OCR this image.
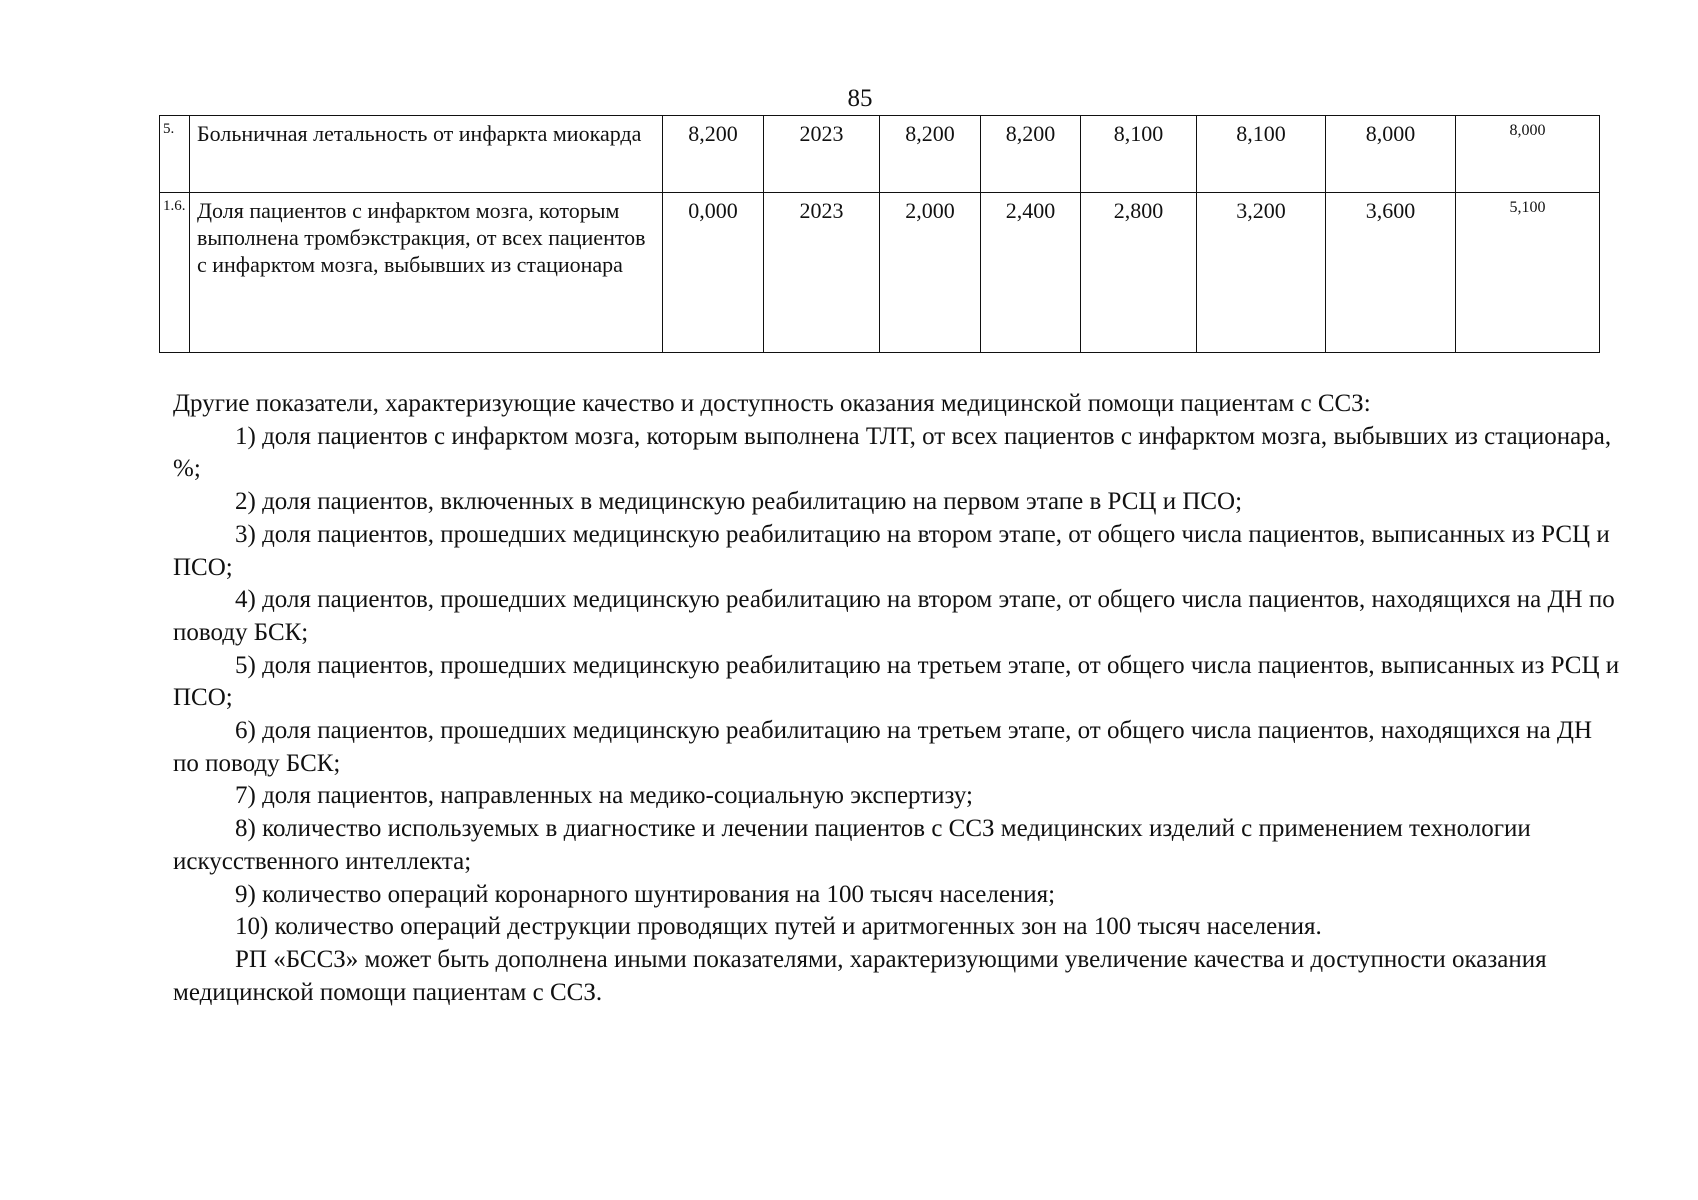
85
5.	Больничная летальность от инфаркта миокарда	8,200	2023	8,200	8,200	8,100	8,100	8,000	8,000
1.6.	Доля пациентов с инфарктом мозга, которым выполнена тромбэкстракция, от всех пациентов с инфарктом мозга, выбывших из стационара	0,000	2023	2,000	2,400	2,800	3,200	3,600	5,100

Другие показатели, характеризующие качество и доступность оказания медицинской помощи пациентам с ССЗ:

1) доля пациентов с инфарктом мозга, которым выполнена ТЛТ, от всех пациентов с инфарктом мозга, выбывших из стационара, %;

2) доля пациентов, включенных в медицинскую реабилитацию на первом этапе в РСЦ и ПСО;

3) доля пациентов, прошедших медицинскую реабилитацию на втором этапе, от общего числа пациентов, выписанных из РСЦ и ПСО;

4) доля пациентов, прошедших медицинскую реабилитацию на втором этапе, от общего числа пациентов, находящихся на ДН по поводу БСК;

5) доля пациентов, прошедших медицинскую реабилитацию на третьем этапе, от общего числа пациентов, выписанных из РСЦ и ПСО;

6) доля пациентов, прошедших медицинскую реабилитацию на третьем этапе, от общего числа пациентов, находящихся на ДН по поводу БСК;

7) доля пациентов, направленных на медико-социальную экспертизу;

8) количество используемых в диагностике и лечении пациентов с ССЗ медицинских изделий с применением технологии искусственного интеллекта;

9) количество операций коронарного шунтирования на 100 тысяч населения;

10) количество операций деструкции проводящих путей и аритмогенных зон на 100 тысяч населения.

РП «БССЗ» может быть дополнена иными показателями, характеризующими увеличение качества и доступности оказания медицинской помощи пациентам с ССЗ.
